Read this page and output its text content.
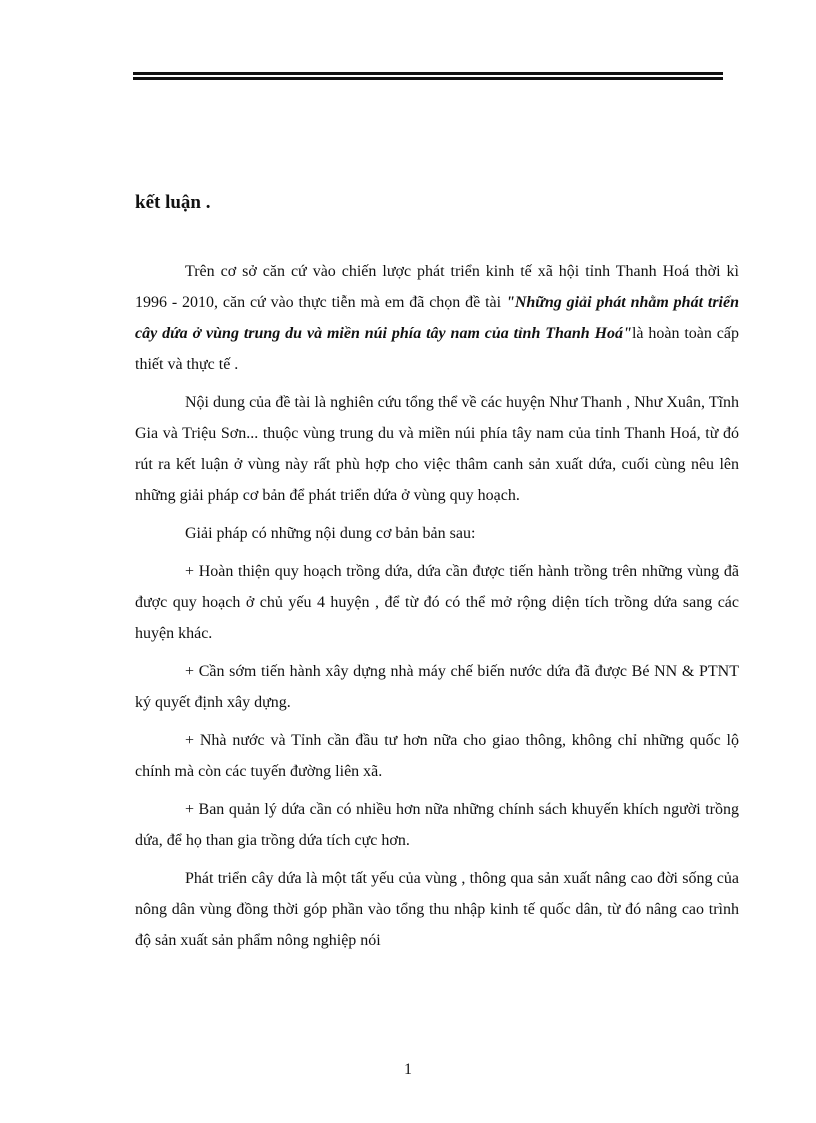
kết luận .

Trên cơ sở căn cứ vào chiến lược phát triển kinh tế xã hội tỉnh Thanh Hoá thời kì 1996 - 2010, căn cứ vào thực tiễn mà em đã chọn đề tài "Những giải phát nhằm phát triển cây dứa ở vùng trung du và miền núi phía tây nam của tỉnh Thanh Hoá"là hoàn toàn cấp thiết và thực tế .

Nội dung của đề tài là nghiên cứu tổng thể về các huyện Như Thanh , Như Xuân, Tĩnh Gia và Triệu Sơn... thuộc vùng trung du và miền núi phía tây nam của tỉnh Thanh Hoá, từ đó rút ra kết luận ở vùng này rất phù hợp cho việc thâm canh sản xuất dứa, cuối cùng nêu lên những giải pháp cơ bản để phát triển dứa ở vùng quy hoạch.

Giải pháp có những nội dung cơ bản bản sau:

+ Hoàn thiện quy hoạch trồng dứa, dứa cần được tiến hành trồng trên những vùng đã được quy hoạch ở chủ yếu 4 huyện , để từ đó có thể mở rộng diện tích trồng dứa sang các huyện khác.

+ Cần sớm tiến hành xây dựng nhà máy chế biến nước dứa đã được Bé NN & PTNT ký quyết định xây dựng.

+ Nhà nước và Tỉnh cần đầu tư hơn nữa cho giao thông, không chỉ những quốc lộ chính mà còn các tuyến đường liên xã.

+ Ban quản lý dứa cần có nhiều hơn nữa những chính sách khuyến khích người trồng dứa, để họ than gia trồng dứa tích cực hơn.

Phát triển cây dứa là một tất yếu của vùng , thông qua sản xuất nâng cao đời sống của nông dân vùng đồng thời góp phần vào tổng thu nhập kinh tế quốc dân, từ đó nâng cao trình độ sản xuất sản phẩm nông nghiệp nói

1
